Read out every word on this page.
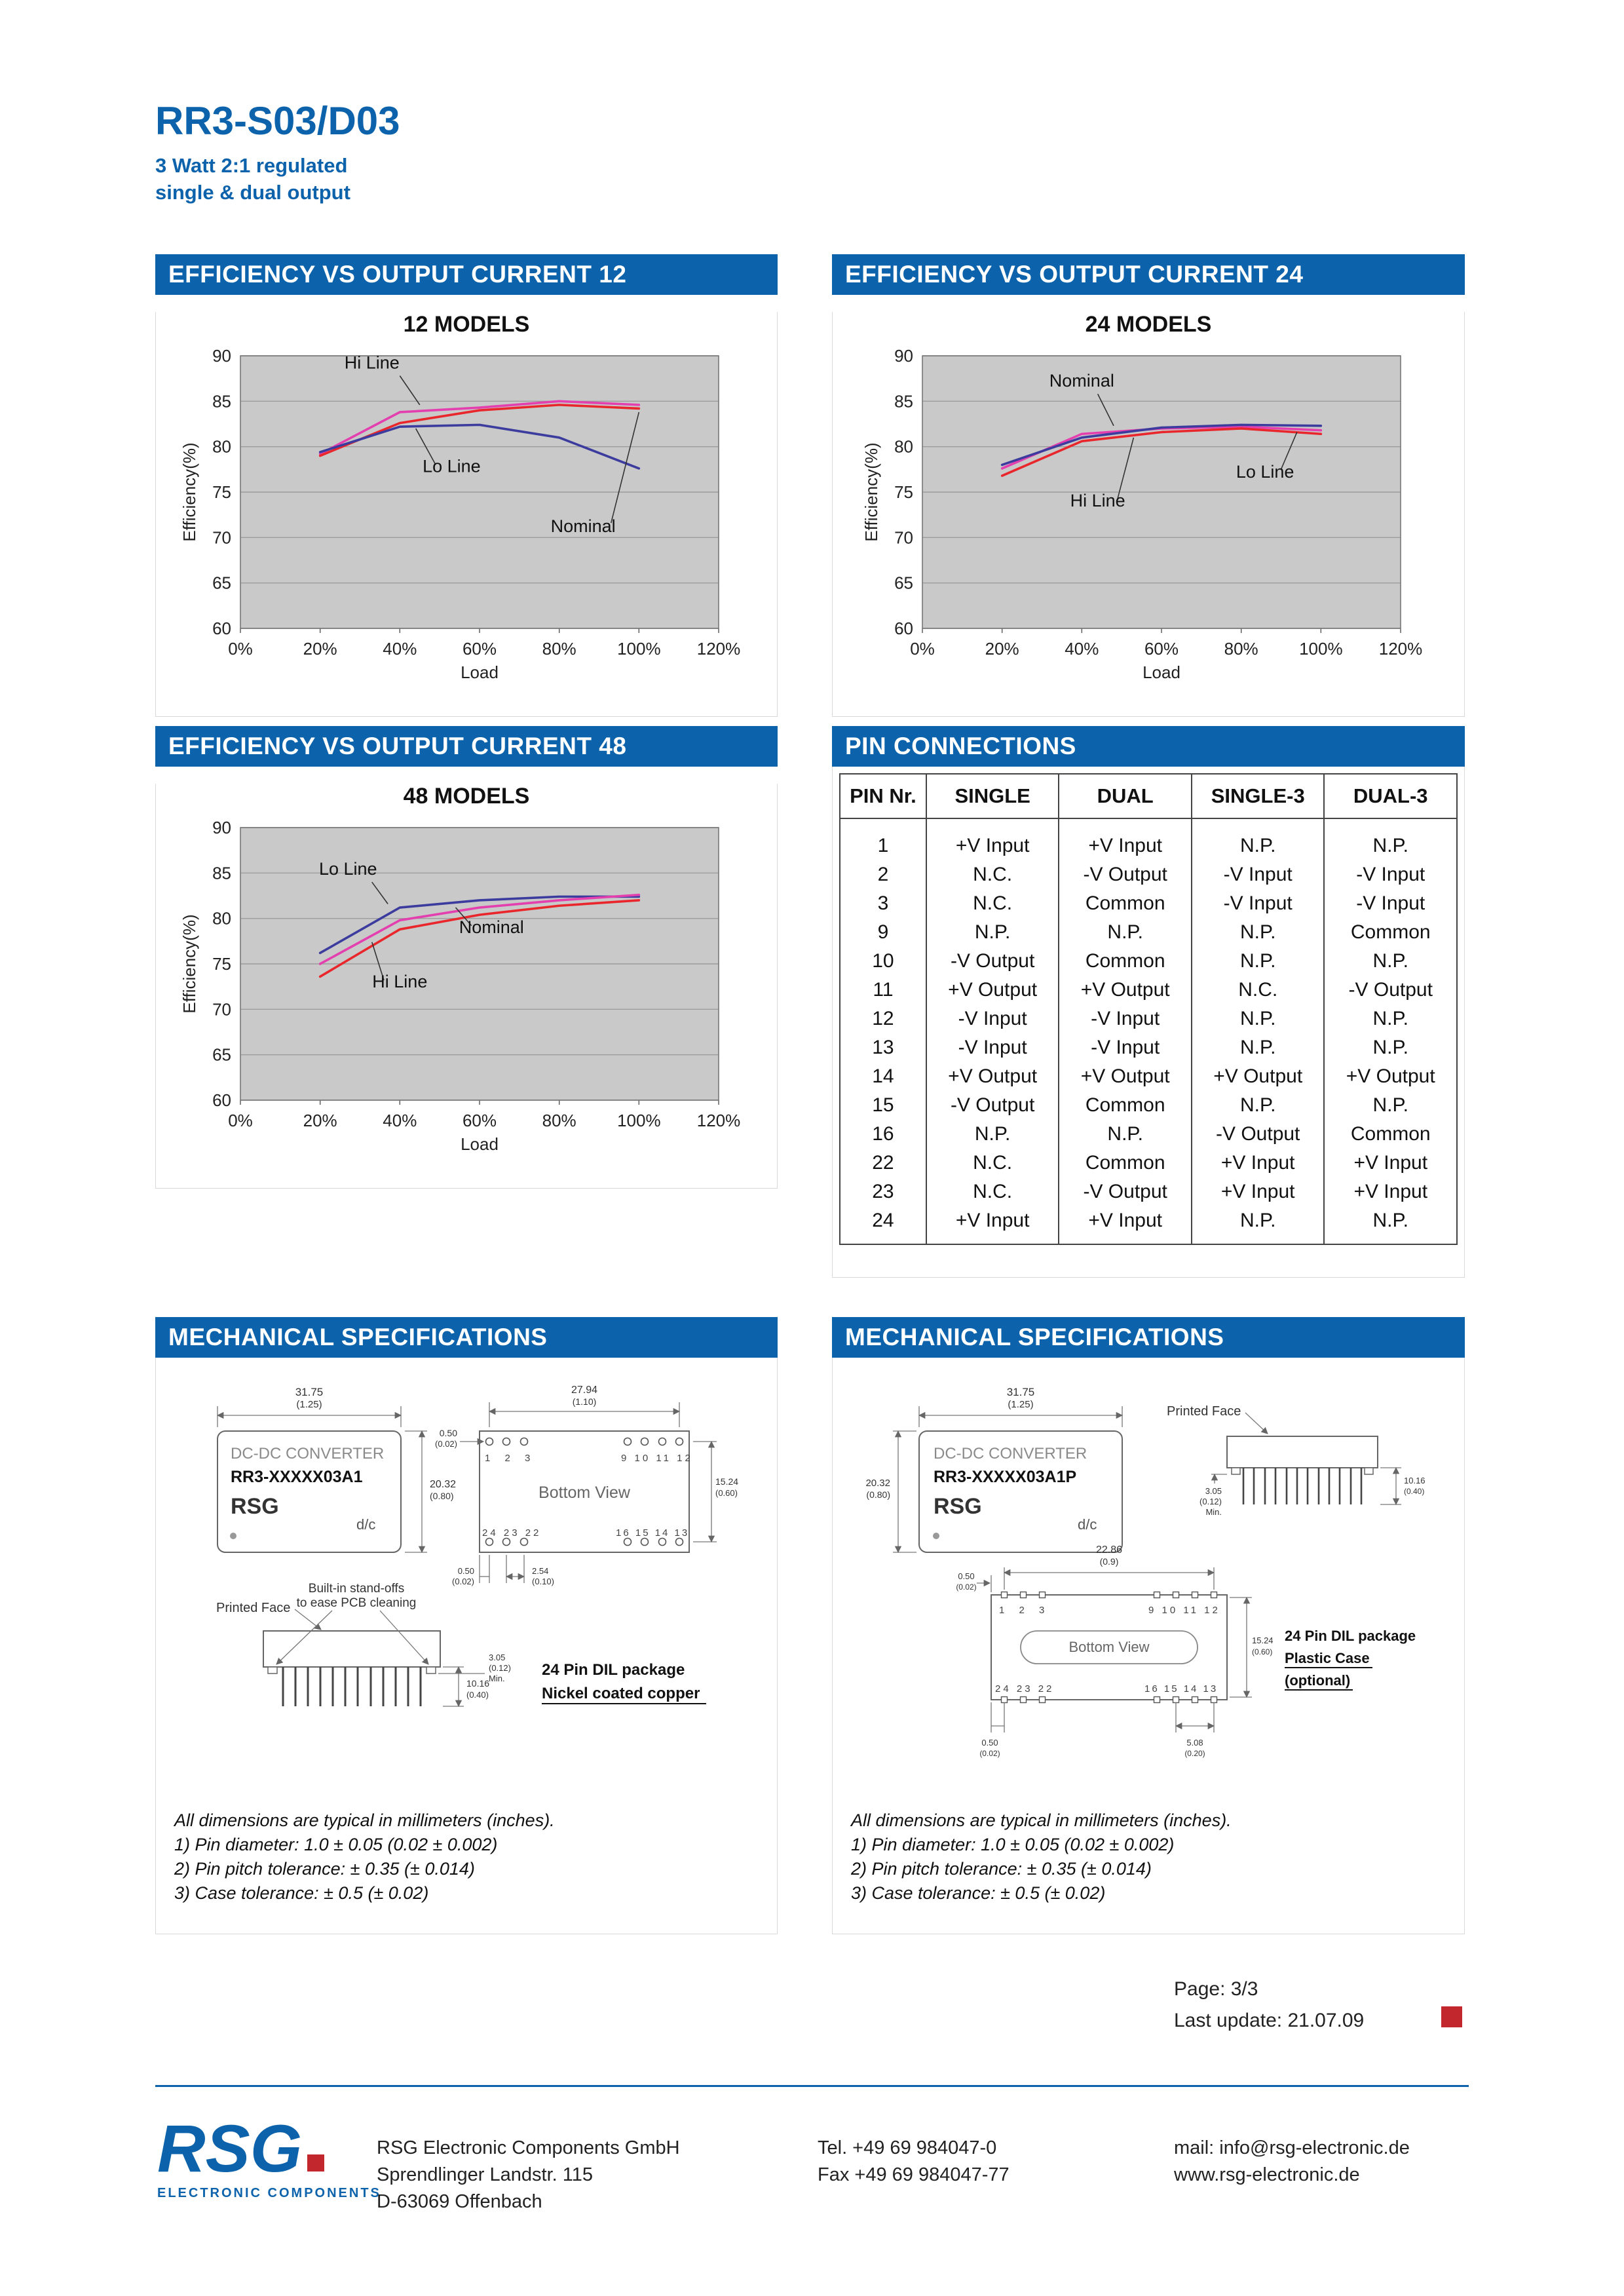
RR3-S03/D03
3 Watt 2:1 regulated
single & dual output
EFFICIENCY VS OUTPUT CURRENT 12
12 MODELS
60
65
70
75
80
85
90
0%	20%	40%	60%	80% 100% 120%
Hi Line
Lo Line
Nominal
Efficiency(%)
Load
EFFICIENCY VS OUTPUT CURRENT 24
24 MODELS
60
65
70
75
80
85
90
0%	20%	40%	60%	80% 100% 120%
Nominal
Hi Line
Lo Line
Efficiency(%)
Load
EFFICIENCY VS OUTPUT CURRENT 48
48 MODELS
60
65
70
75
80
85
90
0%	20%	40%	60%	80% 100% 120%
Lo Line
Nominal
Hi Line
Efficiency(%)
Load
PIN CONNECTIONS
PIN Nr.	SINGLE	DUAL	SINGLE-3	DUAL-3
1	+V Input	+V Input	N.P.	N.P.
2	N.C.	-V Output	-V Input	-V Input
3	N.C.	Common	-V Input	-V Input
9	N.P.	N.P.	N.P.	Common
10	-V Output	Common	N.P.	N.P.
11	+V Output	+V Output	N.C.	-V Output
12	-V Input	-V Input	N.P.	N.P.
13	-V Input	-V Input	N.P.	N.P.
14	+V Output	+V Output	+V Output	+V Output
15	-V Output	Common	N.P.	N.P.
16	N.P.	N.P.	-V Output	Common
22	N.C.	Common	+V Input	+V Input
23	N.C.	-V Output	+V Input	+V Input
24	+V Input	+V Input	N.P.	N.P.
MECHANICAL SPECIFICATIONS
DC-DC CONVERTER
RR3-XXXXX03A1
RSG
d/c
31.75
(1.25)
20.32
(0.80)
1 2 3	9 10 11 12
24 23 22	16 15 14 13
Bottom View
27.94
(1.10)
0.50
(0.02)
15.24
(0.60)
0.50
(0.02)
2.54
(0.10)
Printed Face
Built-in stand-offs
to ease PCB cleaning
10.16
(0.40)
3.05
(0.12)
Min. 24 Pin DIL package
Nickel coated copper
All dimensions are typical in millimeters (inches).
1) Pin diameter: 1.0 ± 0.05 (0.02 ± 0.002)
2) Pin pitch tolerance: ± 0.35 (± 0.014)
3) Case tolerance: ± 0.5 (± 0.02)
MECHANICAL SPECIFICATIONS
DC-DC CONVERTER
RR3-XXXXX03A1P
RSG
d/c
31.75
(1.25)
20.32
(0.80)
Printed Face
10.16
(0.40)
3.05
(0.12)
Min.
1 2 3	9 10 11 12
24 23 22	16 15 14 13
Bottom View
22.86
(0.9)
0.50
(0.02)
15.24
(0.60)
0.50
(0.02)
5.08
(0.20)
24 Pin DIL package
Plastic Case
(optional)
All dimensions are typical in millimeters (inches).
1) Pin diameter: 1.0 ± 0.05 (0.02 ± 0.002)
2) Pin pitch tolerance: ± 0.35 (± 0.014)
3) Case tolerance: ± 0.5 (± 0.02)
Page: 3/3
Last update: 21.07.09
RSG
ELECTRONIC COMPONENTS
RSG Electronic Components GmbH
Sprendlinger Landstr. 115
D-63069 Offenbach
Tel. +49 69 984047-0
Fax +49 69 984047-77
mail: info@rsg-electronic.de
www.rsg-electronic.de
